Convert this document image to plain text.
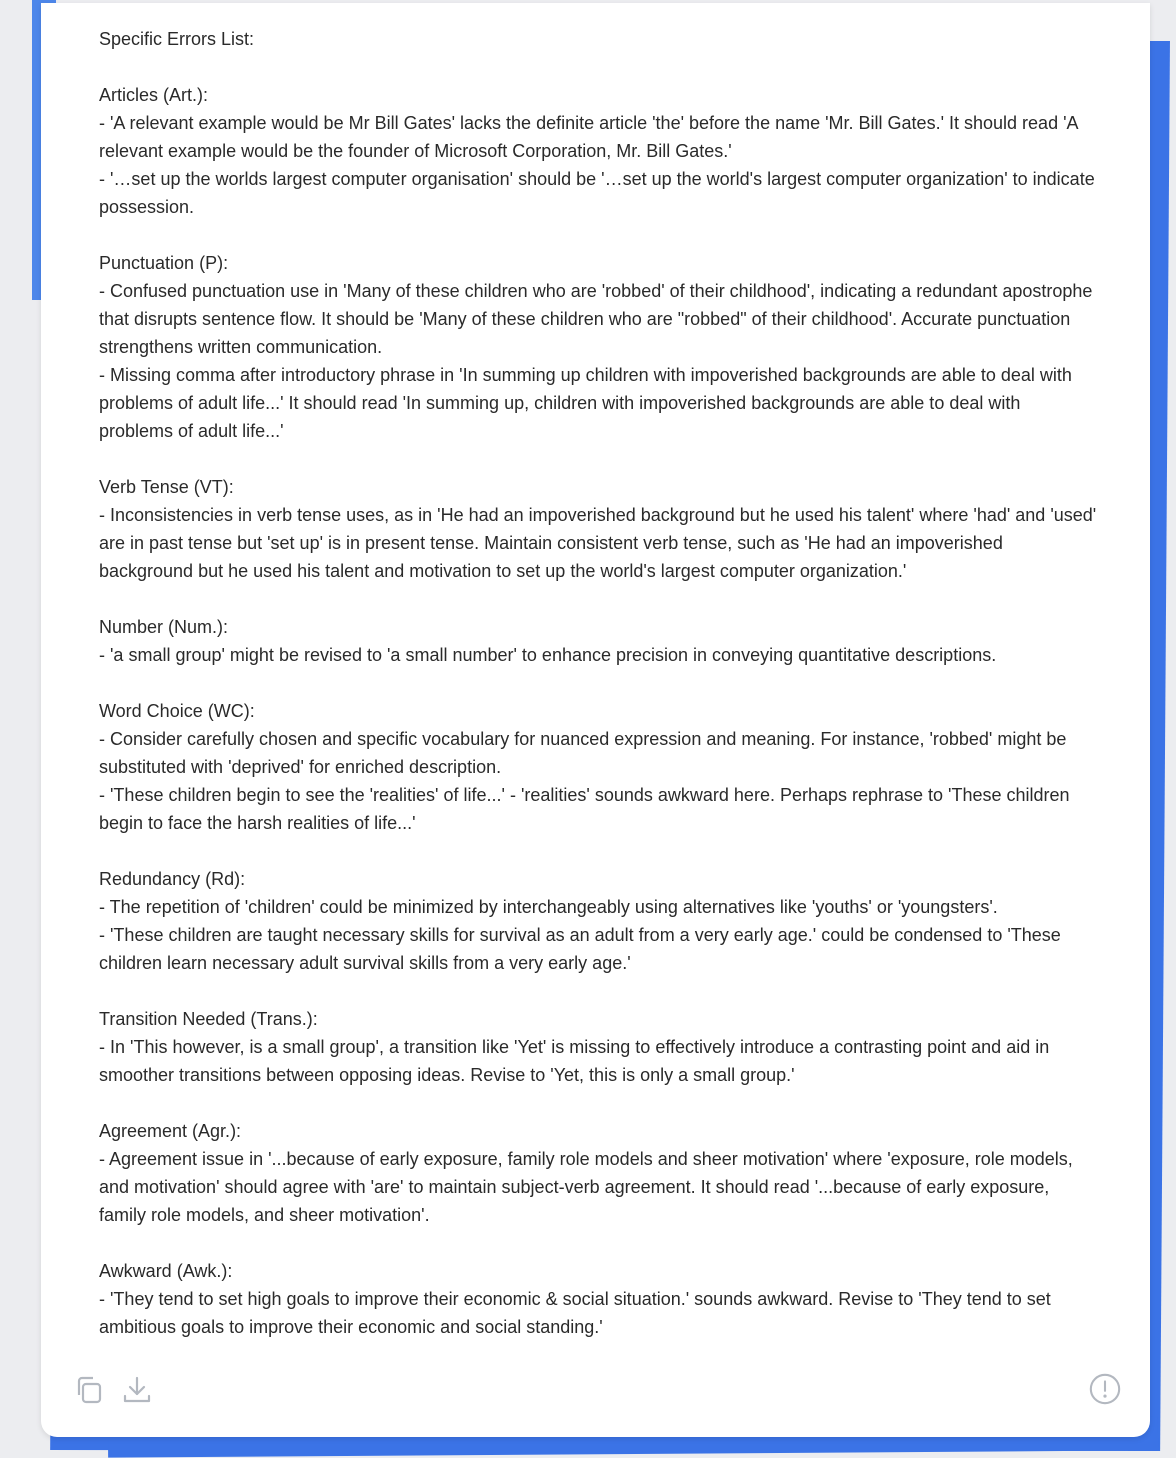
Specific Errors List:

Articles (Art.):

- 'A relevant example would be Mr Bill Gates' lacks the definite article 'the' before the name 'Mr. Bill Gates.' It should read 'A relevant example would be the founder of Microsoft Corporation, Mr. Bill Gates.'

- '…set up the worlds largest computer organisation' should be '…set up the world's largest computer organization' to indicate possession.

Punctuation (P):

- Confused punctuation use in 'Many of these children who are 'robbed' of their childhood', indicating a redundant apostrophe that disrupts sentence flow. It should be 'Many of these children who are "robbed" of their childhood'. Accurate punctuation strengthens written communication.

- Missing comma after introductory phrase in 'In summing up children with impoverished backgrounds are able to deal with problems of adult life...' It should read 'In summing up, children with impoverished backgrounds are able to deal with problems of adult life...'

Verb Tense (VT):

- Inconsistencies in verb tense uses, as in 'He had an impoverished background but he used his talent' where 'had' and 'used' are in past tense but 'set up' is in present tense. Maintain consistent verb tense, such as 'He had an impoverished background but he used his talent and motivation to set up the world's largest computer organization.'

Number (Num.):

- 'a small group' might be revised to 'a small number' to enhance precision in conveying quantitative descriptions.

Word Choice (WC):

- Consider carefully chosen and specific vocabulary for nuanced expression and meaning. For instance, 'robbed' might be substituted with 'deprived' for enriched description.

- 'These children begin to see the 'realities' of life...' - 'realities' sounds awkward here. Perhaps rephrase to 'These children begin to face the harsh realities of life...'

Redundancy (Rd):

- The repetition of 'children' could be minimized by interchangeably using alternatives like 'youths' or 'youngsters'.

- 'These children are taught necessary skills for survival as an adult from a very early age.' could be condensed to 'These children learn necessary adult survival skills from a very early age.'

Transition Needed (Trans.):

- In 'This however, is a small group', a transition like 'Yet' is missing to effectively introduce a contrasting point and aid in smoother transitions between opposing ideas. Revise to 'Yet, this is only a small group.'

Agreement (Agr.):

- Agreement issue in '...because of early exposure, family role models and sheer motivation' where 'exposure, role models, and motivation' should agree with 'are' to maintain subject-verb agreement. It should read '...because of early exposure, family role models, and sheer motivation'.

Awkward (Awk.):

- 'They tend to set high goals to improve their economic & social situation.' sounds awkward. Revise to 'They tend to set ambitious goals to improve their economic and social standing.'
